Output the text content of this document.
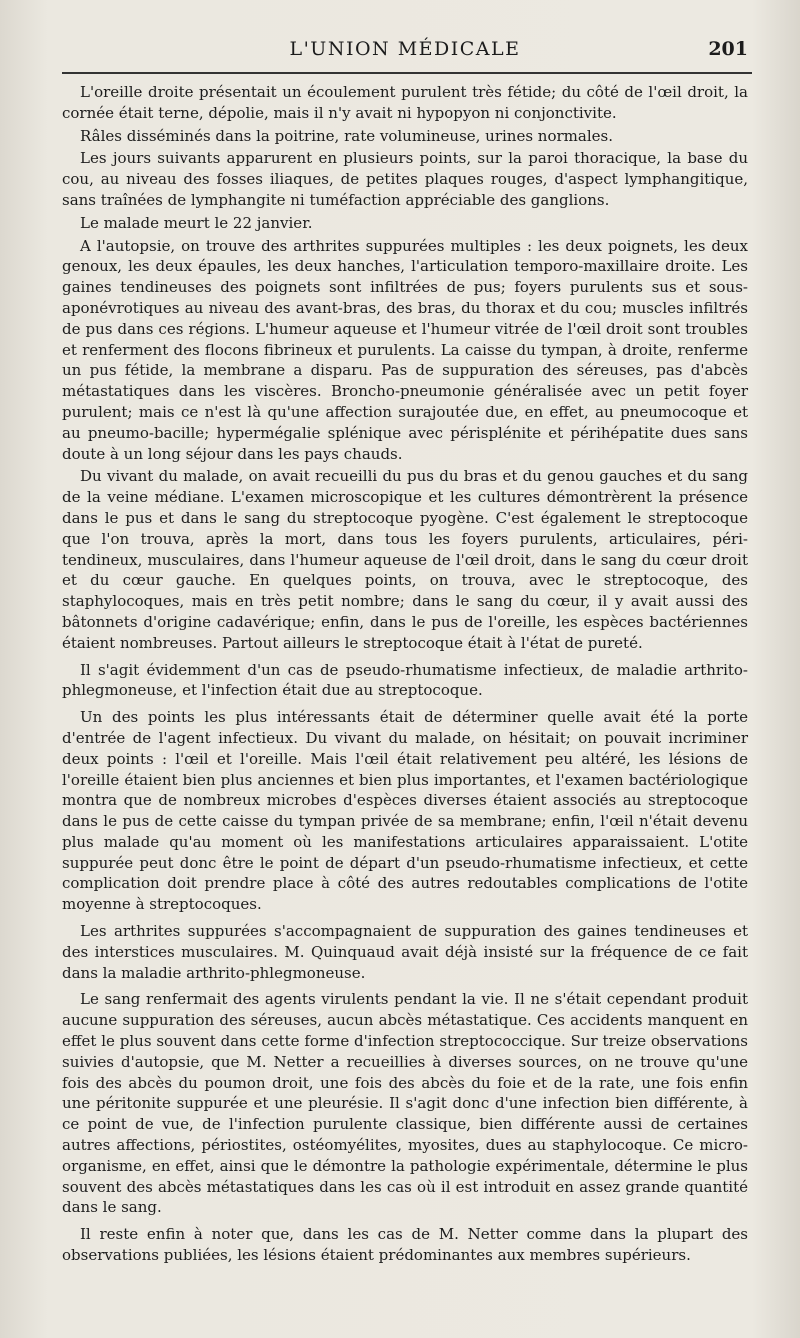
L'UNION MÉDICALE	201

L'oreille droite présentait un écoulement purulent très fétide; du côté de l'œil droit, la cornée était terne, dépolie, mais il n'y avait ni hypopyon ni conjonctivite.

Râles disséminés dans la poitrine, rate volumineuse, urines normales.

Les jours suivants apparurent en plusieurs points, sur la paroi thoracique, la base du cou, au niveau des fosses iliaques, de petites plaques rouges, d'aspect lymphangitique, sans traînées de lymphangite ni tuméfaction appréciable des ganglions.

Le malade meurt le 22 janvier.

A l'autopsie, on trouve des arthrites suppurées multiples : les deux poignets, les deux genoux, les deux épaules, les deux hanches, l'articulation temporo-maxillaire droite. Les gaines tendineuses des poignets sont infiltrées de pus; foyers purulents sus et sous-aponévrotiques au niveau des avant-bras, des bras, du thorax et du cou; muscles infiltrés de pus dans ces régions. L'humeur aqueuse et l'humeur vitrée de l'œil droit sont troubles et renferment des flocons fibrineux et purulents. La caisse du tympan, à droite, renferme un pus fétide, la membrane a disparu. Pas de suppuration des séreuses, pas d'abcès métastatiques dans les viscères. Broncho-pneumonie généralisée avec un petit foyer purulent; mais ce n'est là qu'une affection surajoutée due, en effet, au pneumocoque et au pneumo-bacille; hypermégalie splénique avec périsplénite et périhépatite dues sans doute à un long séjour dans les pays chauds.

Du vivant du malade, on avait recueilli du pus du bras et du genou gauches et du sang de la veine médiane. L'examen microscopique et les cultures démontrèrent la présence dans le pus et dans le sang du streptocoque pyogène. C'est également le streptocoque que l'on trouva, après la mort, dans tous les foyers purulents, articulaires, péri-tendineux, musculaires, dans l'humeur aqueuse de l'œil droit, dans le sang du cœur droit et du cœur gauche. En quelques points, on trouva, avec le streptocoque, des staphylocoques, mais en très petit nombre; dans le sang du cœur, il y avait aussi des bâtonnets d'origine cadavérique; enfin, dans le pus de l'oreille, les espèces bactériennes étaient nombreuses. Partout ailleurs le streptocoque était à l'état de pureté.

Il s'agit évidemment d'un cas de pseudo-rhumatisme infectieux, de maladie arthrito-phlegmoneuse, et l'infection était due au streptocoque.

Un des points les plus intéressants était de déterminer quelle avait été la porte d'entrée de l'agent infectieux. Du vivant du malade, on hésitait; on pouvait incriminer deux points : l'œil et l'oreille. Mais l'œil était relativement peu altéré, les lésions de l'oreille étaient bien plus anciennes et bien plus importantes, et l'examen bactériologique montra que de nombreux microbes d'espèces diverses étaient associés au streptocoque dans le pus de cette caisse du tympan privée de sa membrane; enfin, l'œil n'était devenu plus malade qu'au moment où les manifestations articulaires apparaissaient. L'otite suppurée peut donc être le point de départ d'un pseudo-rhumatisme infectieux, et cette complication doit prendre place à côté des autres redoutables complications de l'otite moyenne à streptocoques.

Les arthrites suppurées s'accompagnaient de suppuration des gaines tendineuses et des interstices musculaires. M. Quinquaud avait déjà insisté sur la fréquence de ce fait dans la maladie arthrito-phlegmoneuse.

Le sang renfermait des agents virulents pendant la vie. Il ne s'était cependant produit aucune suppuration des séreuses, aucun abcès métastatique. Ces accidents manquent en effet le plus souvent dans cette forme d'infection streptococcique. Sur treize observations suivies d'autopsie, que M. Netter a recueillies à diverses sources, on ne trouve qu'une fois des abcès du poumon droit, une fois des abcès du foie et de la rate, une fois enfin une péritonite suppurée et une pleurésie. Il s'agit donc d'une infection bien différente, à ce point de vue, de l'infection purulente classique, bien différente aussi de certaines autres affections, périostites, ostéomyélites, myosites, dues au staphylocoque. Ce micro-organisme, en effet, ainsi que le démontre la pathologie expérimentale, détermine le plus souvent des abcès métastatiques dans les cas où il est introduit en assez grande quantité dans le sang.

Il reste enfin à noter que, dans les cas de M. Netter comme dans la plupart des observations publiées, les lésions étaient prédominantes aux membres supérieurs.
